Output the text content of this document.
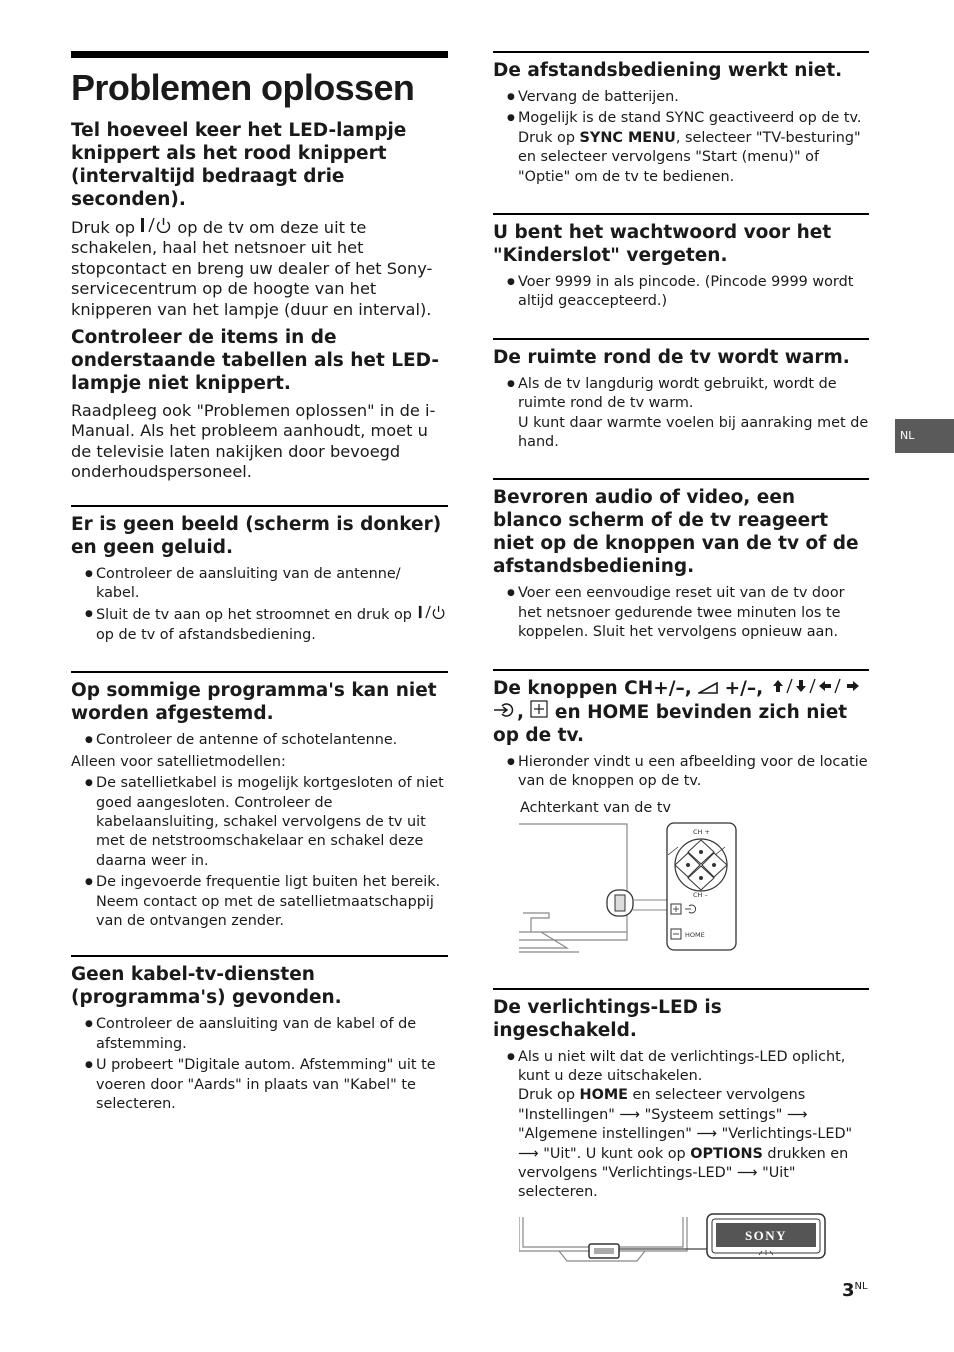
NL
Problemen oplossen
Tel hoeveel keer het LED-lampje knippert als het rood knippert (intervaltijd bedraagt drie seconden).

Druk op  op de tv om deze uit te schakelen, haal het netsnoer uit het stopcontact en breng uw dealer of het Sony-servicecentrum op de hoogte van het knipperen van het lampje (duur en interval).

Controleer de items in de onderstaande tabellen als het LED-lampje niet knippert.

Raadpleeg ook "Problemen oplossen" in de i-Manual. Als het probleem aanhoudt, moet u de televisie laten nakijken door bevoegd onderhoudspersoneel.

Er is geen beeld (scherm is donker) en geen geluid.
● Controleer de aansluiting van de antenne/ kabel.
● Sluit de tv aan op het stroomnet en druk op  op de tv of afstandsbediening.
Op sommige programma's kan niet worden afgestemd.
● Controleer de antenne of schotelantenne.

Alleen voor satellietmodellen:

● De satellietkabel is mogelijk kortgesloten of niet goed aangesloten. Controleer de kabelaansluiting, schakel vervolgens de tv uit met de netstroomschakelaar en schakel deze daarna weer in.
● De ingevoerde frequentie ligt buiten het bereik. Neem contact op met de satellietmaatschappij van de ontvangen zender.
Geen kabel-tv-diensten (programma's) gevonden.
● Controleer de aansluiting van de kabel of de afstemming.
● U probeert "Digitale autom. Afstemming" uit te voeren door "Aards" in plaats van "Kabel" te selecteren.
De afstandsbediening werkt niet.
● Vervang de batterijen.
● Mogelijk is de stand SYNC geactiveerd op de tv. Druk op SYNC MENU, selecteer "TV-besturing" en selecteer vervolgens "Start (menu)" of "Optie" om de tv te bedienen.
U bent het wachtwoord voor het "Kinderslot" vergeten.
● Voer 9999 in als pincode. (Pincode 9999 wordt altijd geaccepteerd.)
De ruimte rond de tv wordt warm.
● Als de tv langdurig wordt gebruikt, wordt de ruimte rond de tv warm.
U kunt daar warmte voelen bij aanraking met de hand.
Bevroren audio of video, een blanco scherm of de tv reageert niet op de knoppen van de tv of de afstandsbediening.
● Voer een eenvoudige reset uit van de tv door het netsnoer gedurende twee minuten los te koppelen. Sluit het vervolgens opnieuw aan.
De knoppen CH+/–,  +/–,
,  en HOME bevinden zich niet op de tv.
● Hieronder vindt u een afbeelding voor de locatie van de knoppen op de tv.
Achterkant van de tv
CH +
CH –
HOME
De verlichtings-LED is ingeschakeld.
● Als u niet wilt dat de verlichtings-LED oplicht, kunt u deze uitschakelen.
Druk op HOME en selecteer vervolgens "Instellingen" ⟶ "Systeem settings" ⟶ "Algemene instellingen" ⟶ "Verlichtings-LED" ⟶ "Uit". U kunt ook op OPTIONS drukken en vervolgens "Verlichtings-LED" ⟶ "Uit" selecteren.
SONY
$3^{NL}$
